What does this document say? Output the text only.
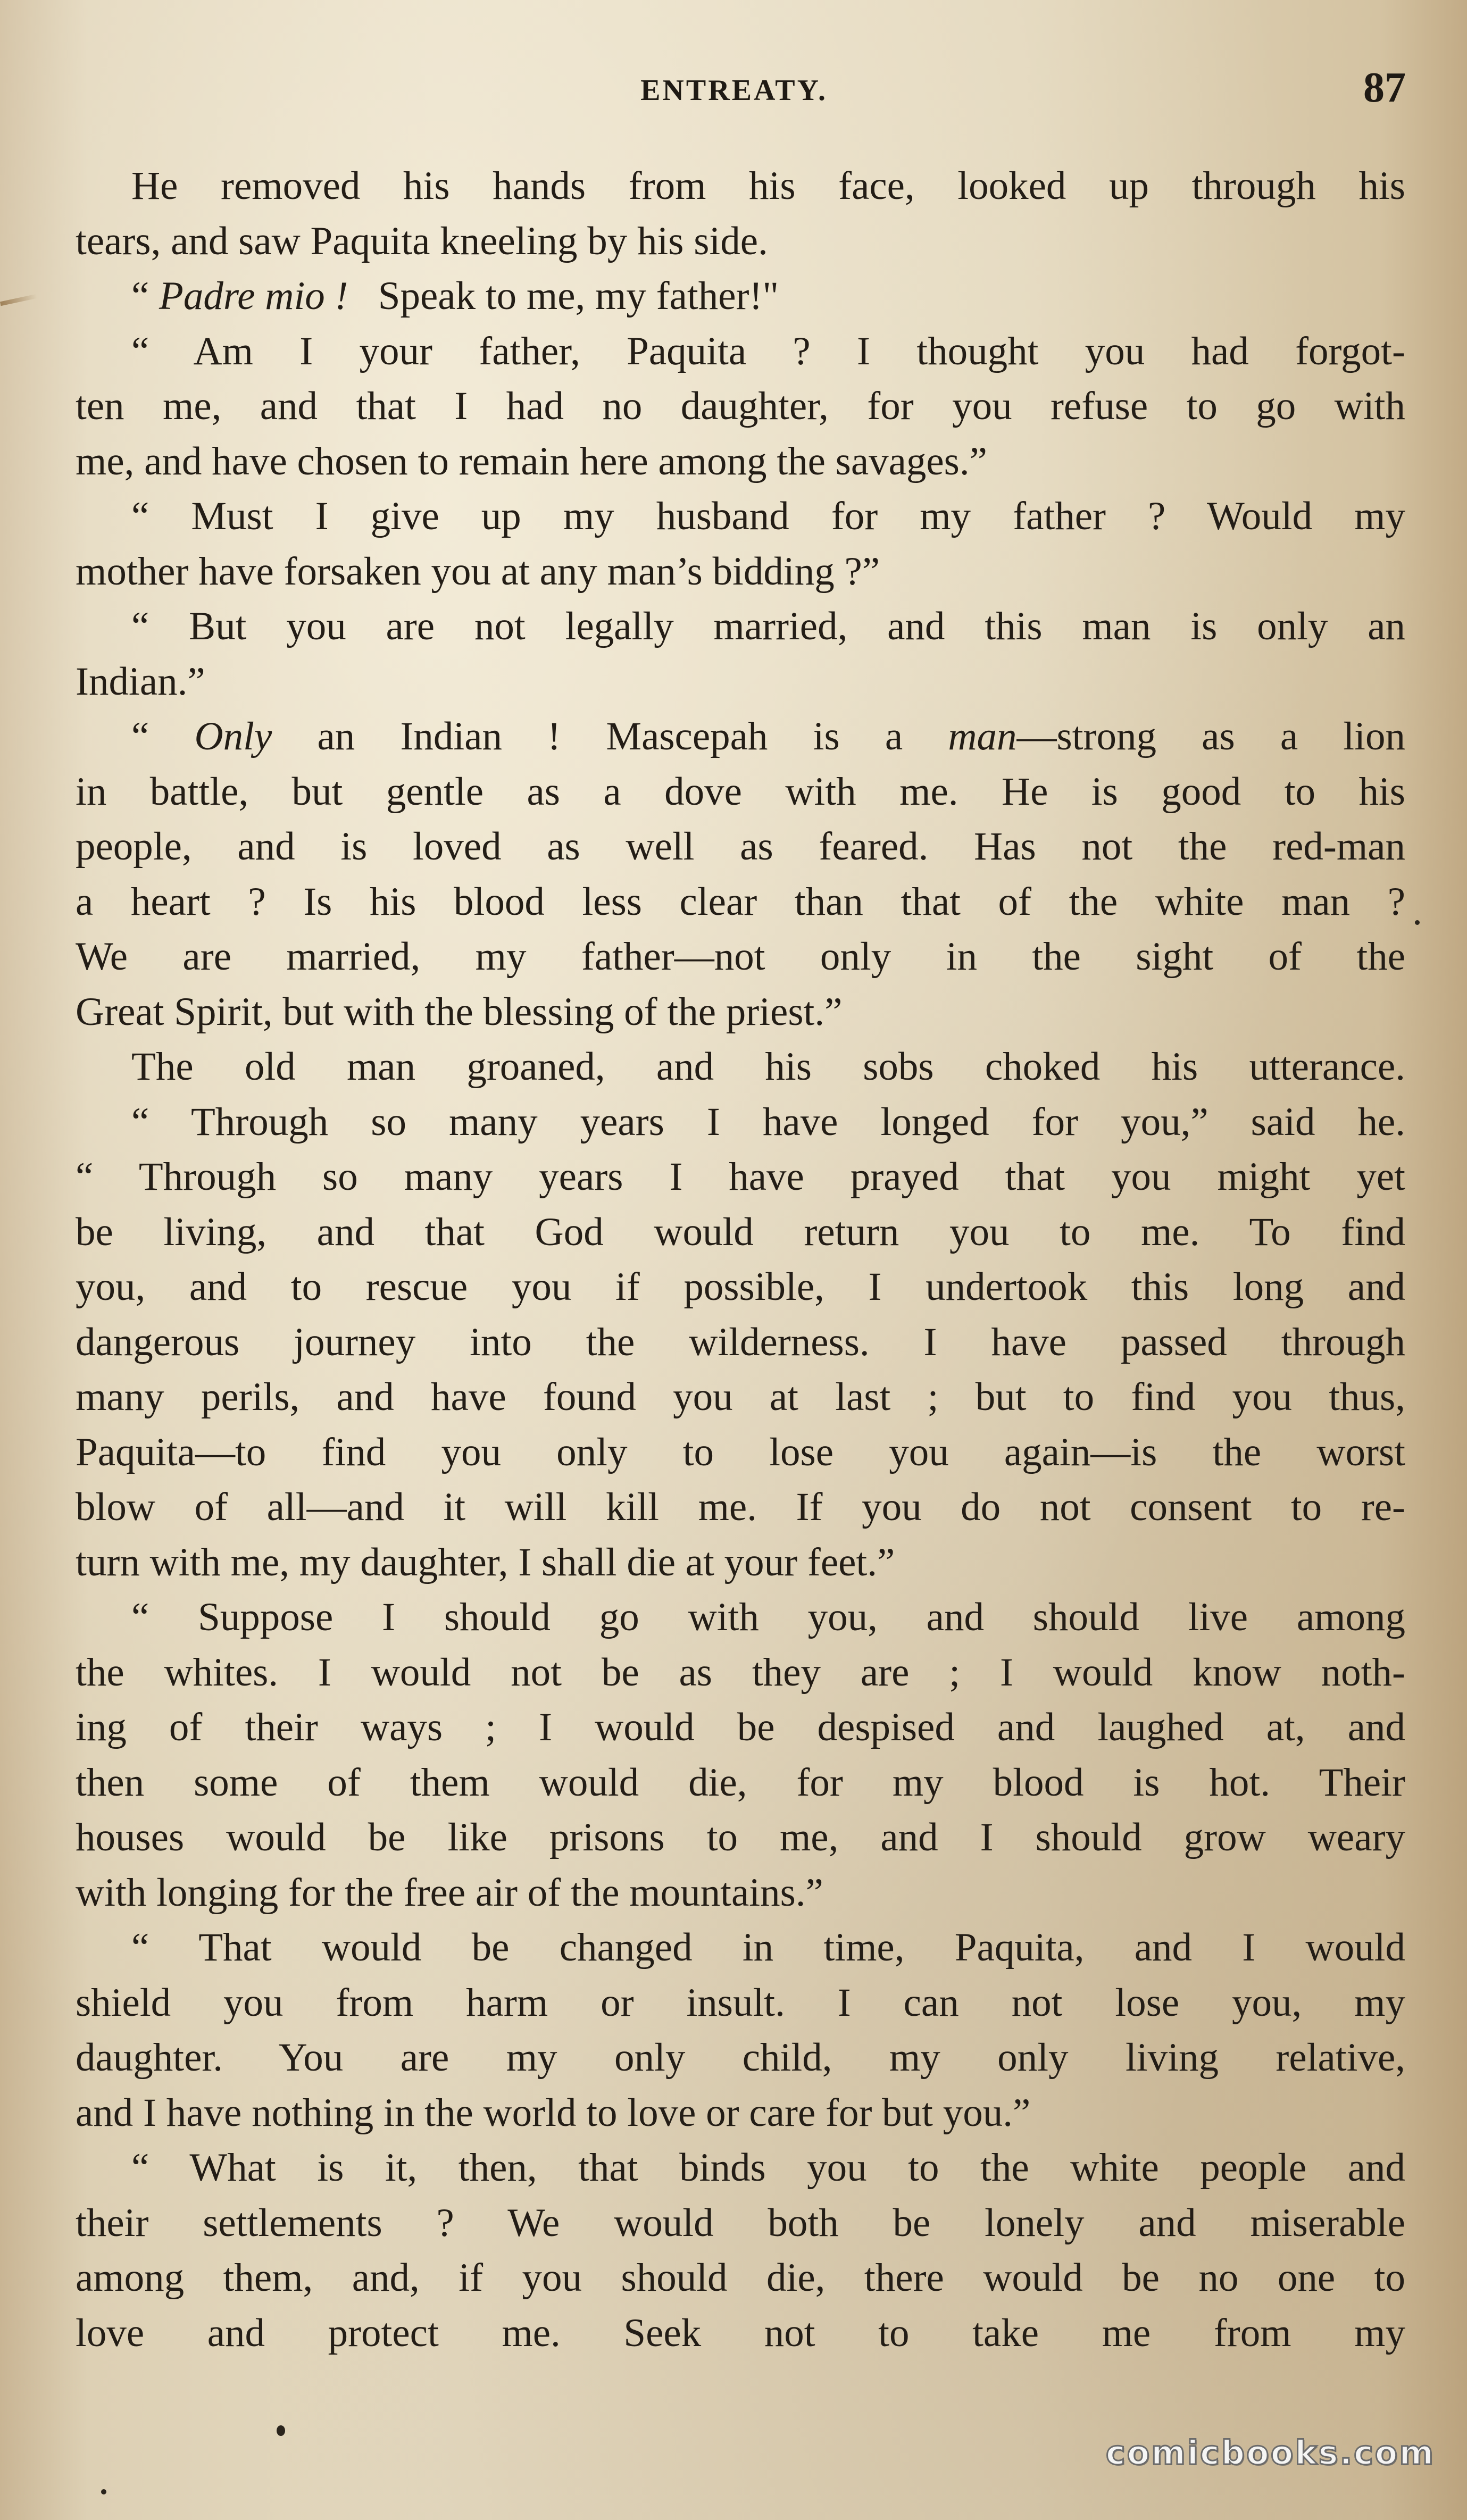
ENTREATY.	87
He removed his hands from his face, looked up through his
tears, and saw Paquita kneeling by his side.
“ Padre mio ! Speak to me, my father!"
“ Am I your father, Paquita ? I thought you had forgot-
ten me, and that I had no daughter, for you refuse to go with
me, and have chosen to remain here among the savages.”
“ Must I give up my husband for my father ? Would my
mother have forsaken you at any man’s bidding ?”
“ But you are not legally married, and this man is only an
Indian.”
“ Only an Indian ! Mascepah is a man—strong as a lion
in battle, but gentle as a dove with me. He is good to his
people, and is loved as well as feared. Has not the red-man
a heart ? Is his blood less clear than that of the white man ?
We are married, my father—not only in the sight of the
Great Spirit, but with the blessing of the priest.”
The old man groaned, and his sobs choked his utterance.
“ Through so many years I have longed for you,” said he.
“ Through so many years I have prayed that you might yet
be living, and that God would return you to me. To find
you, and to rescue you if possible, I undertook this long and
dangerous journey into the wilderness. I have passed through
many perils, and have found you at last ; but to find you thus,
Paquita—to find you only to lose you again—is the worst
blow of all—and it will kill me. If you do not consent to re-
turn with me, my daughter, I shall die at your feet.”
“ Suppose I should go with you, and should live among
the whites. I would not be as they are ; I would know noth-
ing of their ways ; I would be despised and laughed at, and
then some of them would die, for my blood is hot. Their
houses would be like prisons to me, and I should grow weary
with longing for the free air of the mountains.”
“ That would be changed in time, Paquita, and I would
shield you from harm or insult. I can not lose you, my
daughter. You are my only child, my only living relative,
and I have nothing in the world to love or care for but you.”
“ What is it, then, that binds you to the white people and
their settlements ? We would both be lonely and miserable
among them, and, if you should die, there would be no one to
love and protect me. Seek not to take me from my
comicbooks.com
